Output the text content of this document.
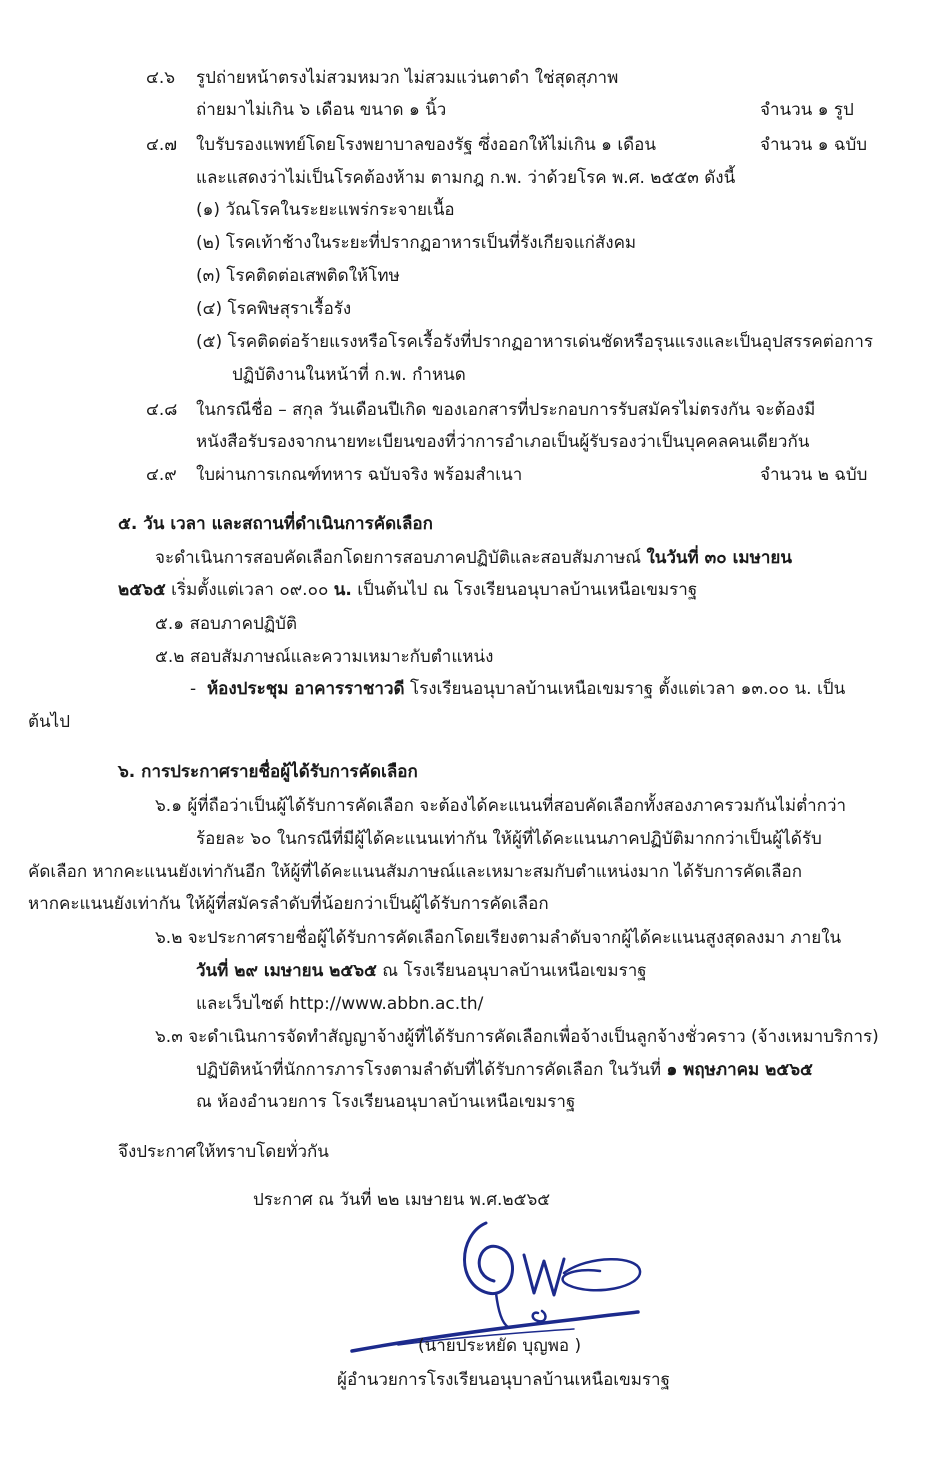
๔.๖ รูปถ่ายหน้าตรงไม่สวมหมวก ไม่สวมแว่นตาดำ ใช่สุดสุภาพ
ถ่ายมาไม่เกิน ๖ เดือน ขนาด ๑ นิ้ว	จำนวน ๑ รูป
๔.๗ ใบรับรองแพทย์โดยโรงพยาบาลของรัฐ ซึ่งออกให้ไม่เกิน ๑ เดือน	จำนวน ๑ ฉบับ
และแสดงว่าไม่เป็นโรคต้องห้าม ตามกฎ ก.พ. ว่าด้วยโรค พ.ศ. ๒๕๕๓ ดังนี้
(๑) วัณโรคในระยะแพร่กระจายเนื้อ
(๒) โรคเท้าช้างในระยะที่ปรากฏอาหารเป็นที่รังเกียจแก่สังคม
(๓) โรคติดต่อเสพติดให้โทษ
(๔) โรคพิษสุราเรื้อรัง
(๕) โรคติดต่อร้ายแรงหรือโรคเรื้อรังที่ปรากฏอาหารเด่นชัดหรือรุนแรงและเป็นอุปสรรคต่อการ
ปฏิบัติงานในหน้าที่ ก.พ. กำหนด
๔.๘ ในกรณีชื่อ – สกุล วันเดือนปีเกิด ของเอกสารที่ประกอบการรับสมัครไม่ตรงกัน จะต้องมี
หนังสือรับรองจากนายทะเบียนของที่ว่าการอำเภอเป็นผู้รับรองว่าเป็นบุคคลคนเดียวกัน
๔.๙ ใบผ่านการเกณฑ์ทหาร ฉบับจริง พร้อมสำเนา	จำนวน ๒ ฉบับ
๕. วัน เวลา และสถานที่ดำเนินการคัดเลือก
จะดำเนินการสอบคัดเลือกโดยการสอบภาคปฏิบัติและสอบสัมภาษณ์ ในวันที่ ๓๐ เมษายน
๒๕๖๕ เริ่มตั้งแต่เวลา ๐๙.๐๐ น. เป็นต้นไป ณ โรงเรียนอนุบาลบ้านเหนือเขมราฐ
๕.๑ สอบภาคปฏิบัติ
๕.๒ สอบสัมภาษณ์และความเหมาะกับตำแหน่ง
- ห้องประชุม อาคารราชาวดี โรงเรียนอนุบาลบ้านเหนือเขมราฐ ตั้งแต่เวลา ๑๓.๐๐ น. เป็น
ต้นไป
๖. การประกาศรายชื่อผู้ได้รับการคัดเลือก
๖.๑ ผู้ที่ถือว่าเป็นผู้ได้รับการคัดเลือก จะต้องได้คะแนนที่สอบคัดเลือกทั้งสองภาครวมกันไม่ต่ำกว่า
ร้อยละ ๖๐ ในกรณีที่มีผู้ได้คะแนนเท่ากัน ให้ผู้ที่ได้คะแนนภาคปฏิบัติมากกว่าเป็นผู้ได้รับ
คัดเลือก หากคะแนนยังเท่ากันอีก ให้ผู้ที่ได้คะแนนสัมภาษณ์และเหมาะสมกับตำแหน่งมาก ได้รับการคัดเลือก
หากคะแนนยังเท่ากัน ให้ผู้ที่สมัครลำดับที่น้อยกว่าเป็นผู้ได้รับการคัดเลือก
๖.๒ จะประกาศรายชื่อผู้ได้รับการคัดเลือกโดยเรียงตามลำดับจากผู้ได้คะแนนสูงสุดลงมา ภายใน
วันที่ ๒๙ เมษายน ๒๕๖๕ ณ โรงเรียนอนุบาลบ้านเหนือเขมราฐ
และเว็บไซต์ http://www.abbn.ac.th/
๖.๓ จะดำเนินการจัดทำสัญญาจ้างผู้ที่ได้รับการคัดเลือกเพื่อจ้างเป็นลูกจ้างชั่วคราว (จ้างเหมาบริการ)
ปฏิบัติหน้าที่นักการภารโรงตามลำดับที่ได้รับการคัดเลือก ในวันที่ ๑ พฤษภาคม ๒๕๖๕
ณ ห้องอำนวยการ โรงเรียนอนุบาลบ้านเหนือเขมราฐ
จึงประกาศให้ทราบโดยทั่วกัน
ประกาศ ณ วันที่ ๒๒ เมษายน พ.ศ.๒๕๖๕
(นายประหยัด บุญพอ )
ผู้อำนวยการโรงเรียนอนุบาลบ้านเหนือเขมราฐ
